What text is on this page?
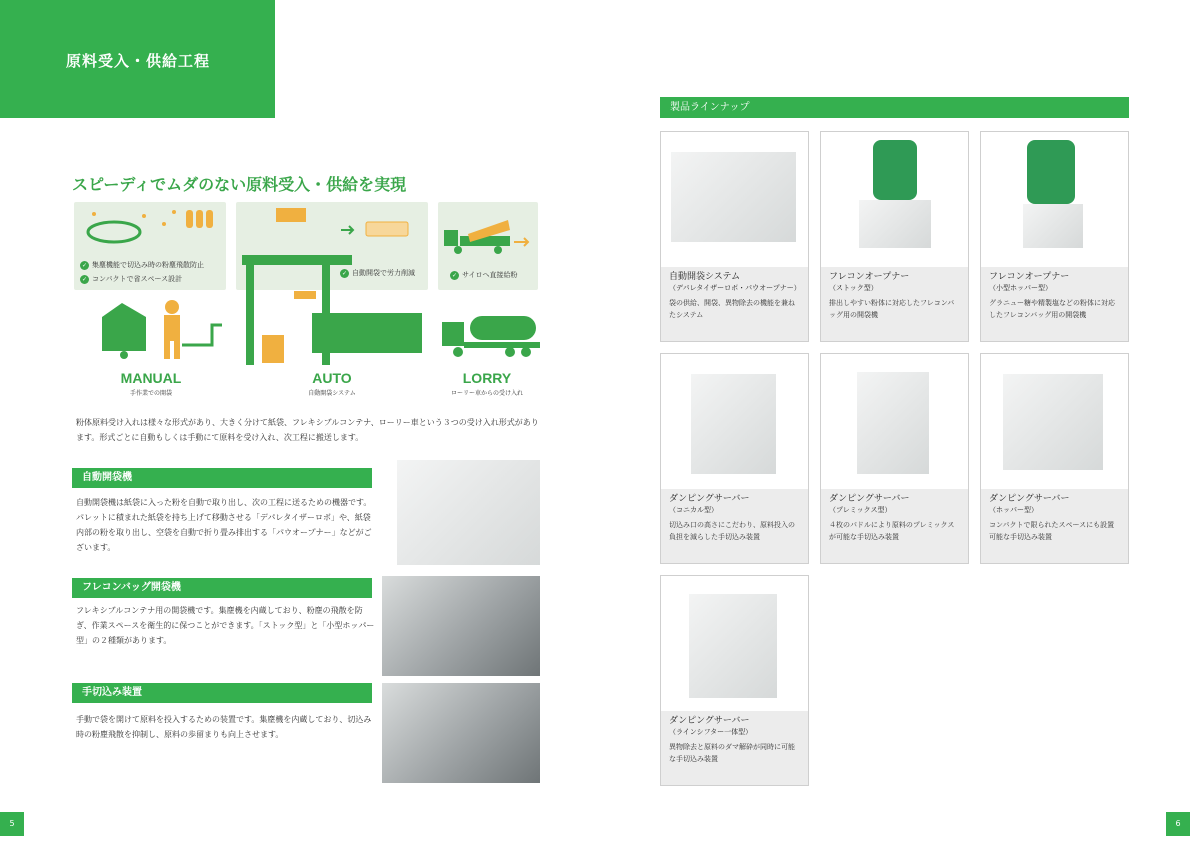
原料受入・供給工程
スピーディでムダのない原料受入・供給を実現
✓ 集塵機能で切込み時の粉塵飛散防止
✓ コンパクトで省スペース設計
✓ 自動開袋で労力削減	✓ サイロへ直接給粉
MANUAL
手作業での開袋
AUTO
自動開袋システム
LORRY
ローリー車からの受け入れ
粉体原料受け入れは様々な形式があり、大きく分けて紙袋、フレキシブルコンテナ、ローリー車という３つの受け入れ形式があります。形式ごとに自動もしくは手動にて原料を受け入れ、次工程に搬送します。
自動開袋機
自動開袋機は紙袋に入った粉を自動で取り出し、次の工程に送るための機器です。パレットに積まれた紙袋を持ち上げて移動させる「デパレタイザーロボ」や、紙袋内部の粉を取り出し、空袋を自動で折り畳み排出する「パウオープナー」などがございます。
フレコンバッグ開袋機
フレキシブルコンテナ用の開袋機です。集塵機を内蔵しており、粉塵の飛散を防ぎ、作業スペースを衛生的に保つことができます。「ストック型」と「小型ホッパー型」の２種類があります。
手切込み装置
手動で袋を開けて原料を投入するための装置です。集塵機を内蔵しており、切込み時の粉塵飛散を抑制し、原料の歩留まりも向上させます。
製品ラインナップ
自動開袋システム
（デパレタイザーロボ・パウオープナー）
袋の供給、開袋、異物除去の機能を兼ねたシステム
フレコンオープナー
（ストック型）
排出しやすい粉体に対応したフレコンバッグ用の開袋機
フレコンオープナー
（小型ホッパー型）
グラニュー糖や精製塩などの粉体に対応したフレコンバッグ用の開袋機
ダンピングサーバー
（コニカル型）
切込み口の高さにこだわり、原料投入の負担を減らした手切込み装置
ダンピングサーバー
（プレミックス型）
４枚のパドルにより原料のプレミックスが可能な手切込み装置
ダンピングサーバー
（ホッパー型）
コンパクトで限られたスペースにも設置可能な手切込み装置
ダンピングサーバー
（ラインシフター一体型）
異物除去と原料のダマ解砕が同時に可能な手切込み装置
5	6
